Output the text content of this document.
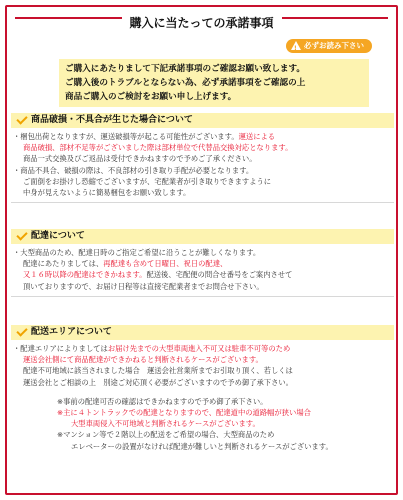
購入に当たっての承諾事項
!
必ずお読み下さい

ご購入にあたりまして下記承諾事項のご確認お願い致します。

ご購入後のトラブルとならない為、必ず承諾事項をご確認の上

商品ご購入のご検討をお願い申し上げます。

商品破損・不具合が生じた場合について

・梱包出荷となりますが、運送破損等が起こる可能性がございます。運送による

商品破損、部材不足等がございました際は部材単位で代替品交換対応となります。

商品一式交換及びご返品は受付できかねますので予めご了承ください。

・商品不具合、破損の際は、不良部材の引き取り手配が必要となります。

ご面倒をお掛けし恐縮でございますが、宅配業者が引き取りできますように

中身が見えないように簡易梱包をお願い致します。

配達について

・大型商品のため、配達日時のご指定ご希望に沿うことが難しくなります。

配達にあたりましては、再配達も含めて日曜日、祝日の配達、

又１６時以降の配達はできかねます。配送後、宅配便の問合せ番号をご案内させて

頂いておりますので、お届け日程等は直接宅配業者までお問合せ下さい。

配送エリアについて

・配達エリアによりましてはお届け先までの大型車両進入不可又は駐車不可等のため

運送会社側にて商品配達ができかねると判断されるケースがございます。

配達不可地域に該当されました場合　運送会社営業所までお引取り頂く、若しくは

運送会社とご相談の上　別途ご対応頂く必要がございますので予め御了承下さい。

※事前の配達可否の確認はできかねますので予め御了承下さい。

※主に４トントラックでの配達となりますので、配達道中の道路幅が狭い場合

大型車両侵入不可地域と判断されるケースがございます。

※マンション等で２階以上の配送をご希望の場合、大型商品のため

エレベーターの設置がなければ配達が難しいと判断されるケースがございます。
